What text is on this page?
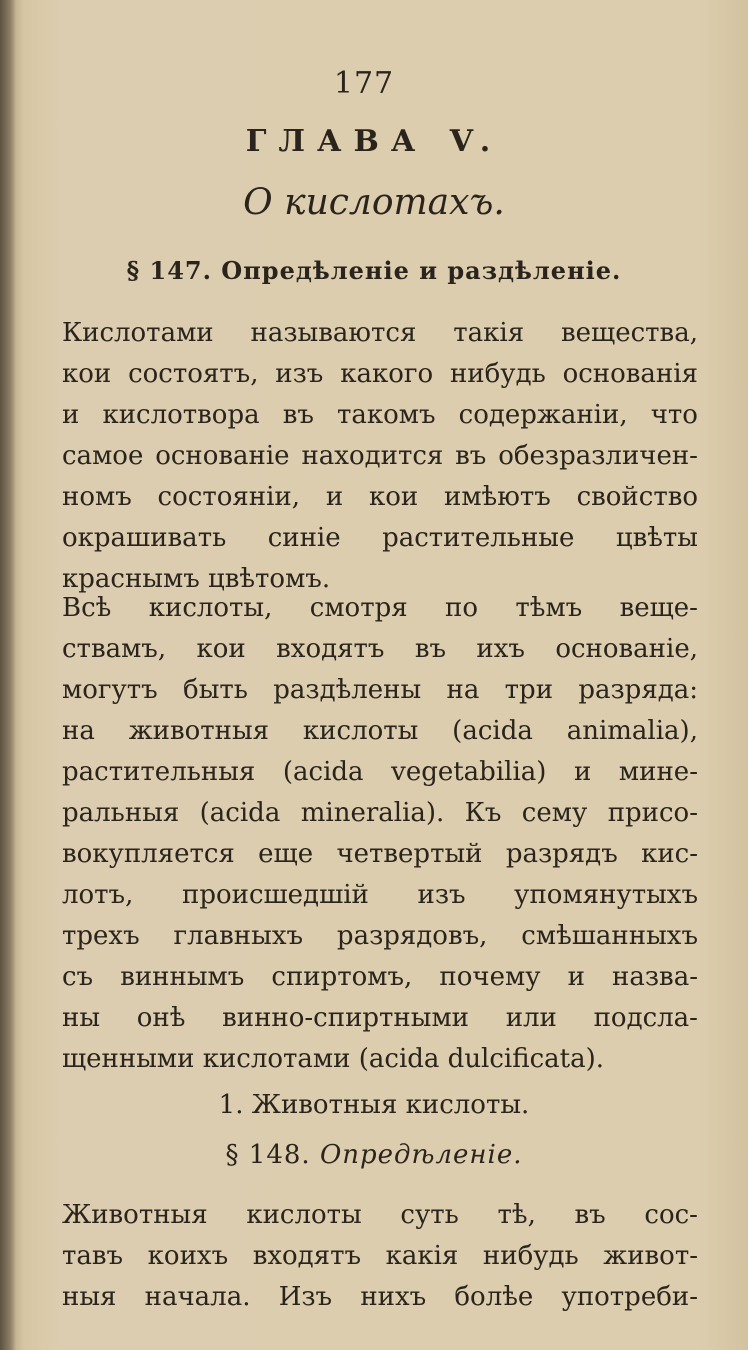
177
ГЛАВА V.
О кислотахъ.
§ 147. Опредѣленіе и раздѣленіе.
Кислотами называются такія вещества,
кои состоятъ, изъ какого нибудь основанія
и кислотвора въ такомъ содержаніи, что
самое основаніе находится въ обезразличен-
номъ состояніи, и кои имѣютъ свойство
окрашивать синіе растительные цвѣты
краснымъ цвѣтомъ.
Всѣ кислоты, смотря по тѣмъ веще-
ствамъ, кои входятъ въ ихъ основаніе,
могутъ быть раздѣлены на три разряда:
на животныя кислоты (acida animalia),
растительныя (acida vegetabilia) и мине-
ральныя (acida mineralia). Къ сему присо-
вокупляется еще четвертый разрядъ кис-
лотъ, происшедшій изъ упомянутыхъ
трехъ главныхъ разрядовъ, смѣшанныхъ
съ виннымъ спиртомъ, почему и назва-
ны онѣ винно-спиртными или подсла-
щенными кислотами (acida dulcificata).
1. Животныя кислоты.
§ 148. Опредѣленіе.
Животныя кислоты суть тѣ, въ сос-
тавъ коихъ входятъ какія нибудь живот-
ныя начала. Изъ нихъ болѣе употреби-
